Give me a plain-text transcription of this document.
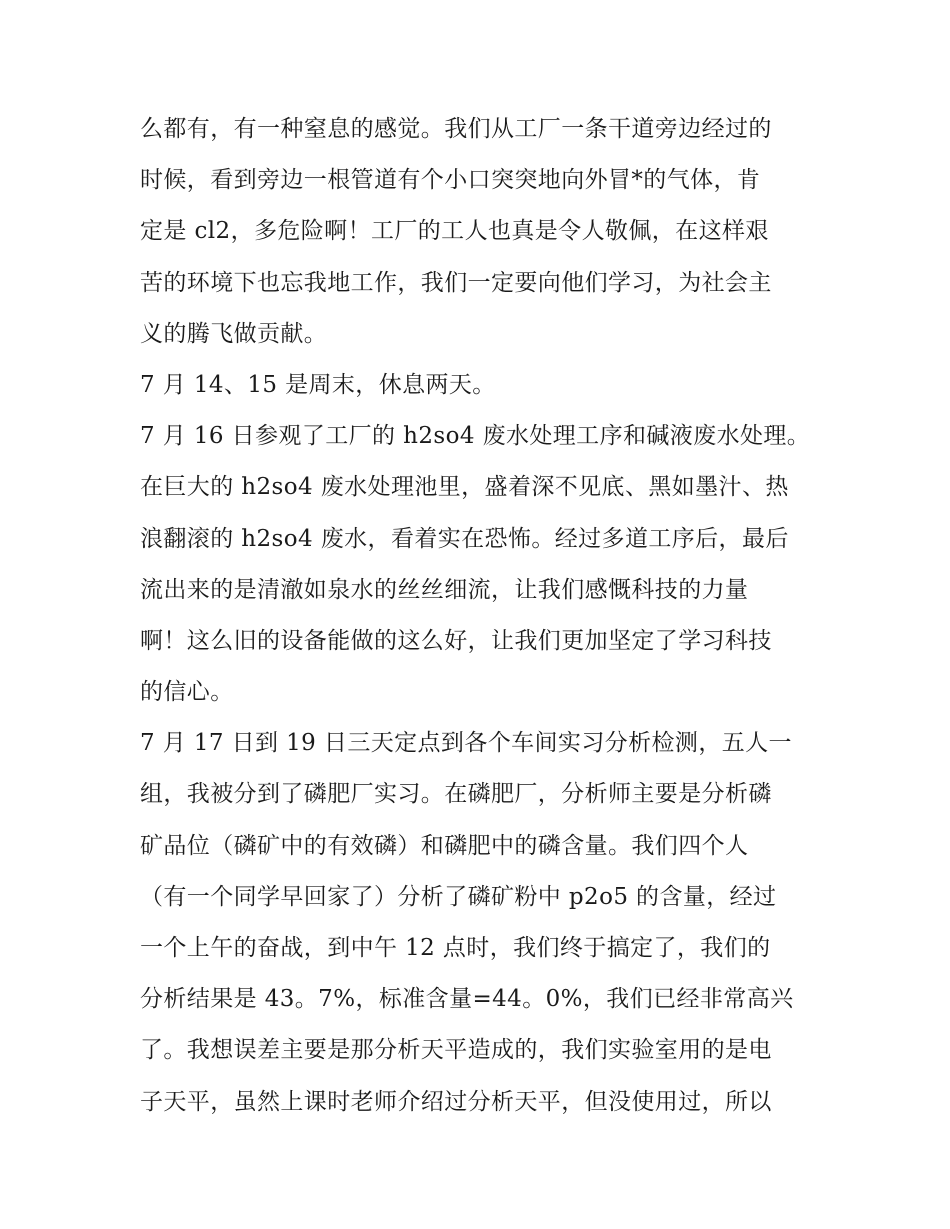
么都有，有一种窒息的感觉。我们从工厂一条干道旁边经过的
时候，看到旁边一根管道有个小口突突地向外冒*的气体，肯
定是 cl2，多危险啊！工厂的工人也真是令人敬佩，在这样艰
苦的环境下也忘我地工作，我们一定要向他们学习，为社会主
义的腾飞做贡献。
7 月 14、15 是周末，休息两天。
7 月 16 日参观了工厂的 h2so4 废水处理工序和碱液废水处理。
在巨大的 h2so4 废水处理池里，盛着深不见底、黑如墨汁、热
浪翻滚的 h2so4 废水，看着实在恐怖。经过多道工序后，最后
流出来的是清澈如泉水的丝丝细流，让我们感慨科技的力量
啊！这么旧的设备能做的这么好，让我们更加坚定了学习科技
的信心。
7 月 17 日到 19 日三天定点到各个车间实习分析检测，五人一
组，我被分到了磷肥厂实习。在磷肥厂，分析师主要是分析磷
矿品位（磷矿中的有效磷）和磷肥中的磷含量。我们四个人
（有一个同学早回家了）分析了磷矿粉中 p2o5 的含量，经过
一个上午的奋战，到中午 12 点时，我们终于搞定了，我们的
分析结果是 43。7%，标准含量=44。0%，我们已经非常高兴
了。我想误差主要是那分析天平造成的，我们实验室用的是电
子天平，虽然上课时老师介绍过分析天平，但没使用过，所以
